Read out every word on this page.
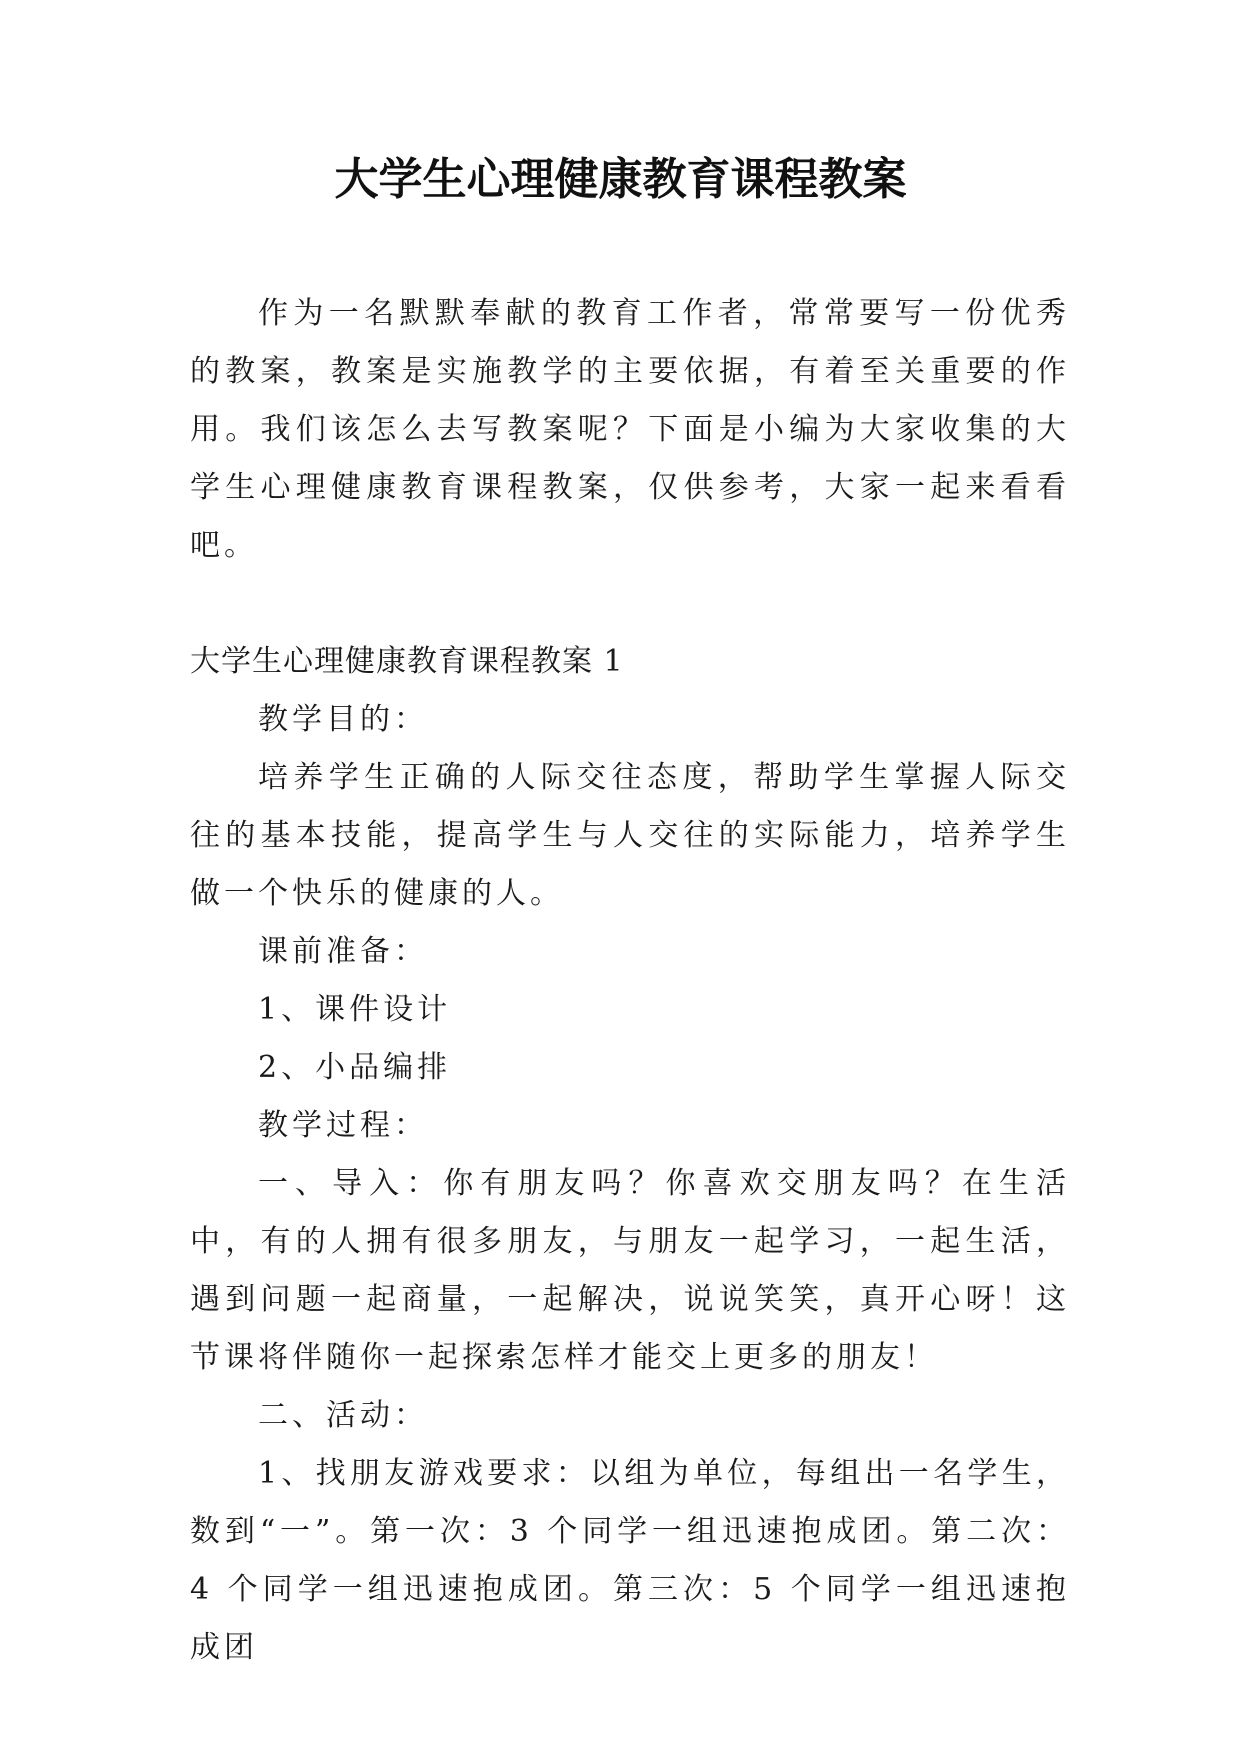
大学生心理健康教育课程教案

作为一名默默奉献的教育工作者，常常要写一份优秀的教案，教案是实施教学的主要依据，有着至关重要的作用。我们该怎么去写教案呢？下面是小编为大家收集的大学生心理健康教育课程教案，仅供参考，大家一起来看看吧。

大学生心理健康教育课程教案 1

教学目的：

培养学生正确的人际交往态度，帮助学生掌握人际交往的基本技能，提高学生与人交往的实际能力，培养学生做一个快乐的健康的人。

课前准备：

1、课件设计

2、小品编排

教学过程：

一、导入：你有朋友吗？你喜欢交朋友吗？在生活中，有的人拥有很多朋友，与朋友一起学习，一起生活，遇到问题一起商量，一起解决，说说笑笑，真开心呀！这节课将伴随你一起探索怎样才能交上更多的朋友！

二、活动：

1、找朋友游戏要求：以组为单位，每组出一名学生，数到“一”。第一次：3 个同学一组迅速抱成团。第二次：4 个同学一组迅速抱成团。第三次：5 个同学一组迅速抱成团
